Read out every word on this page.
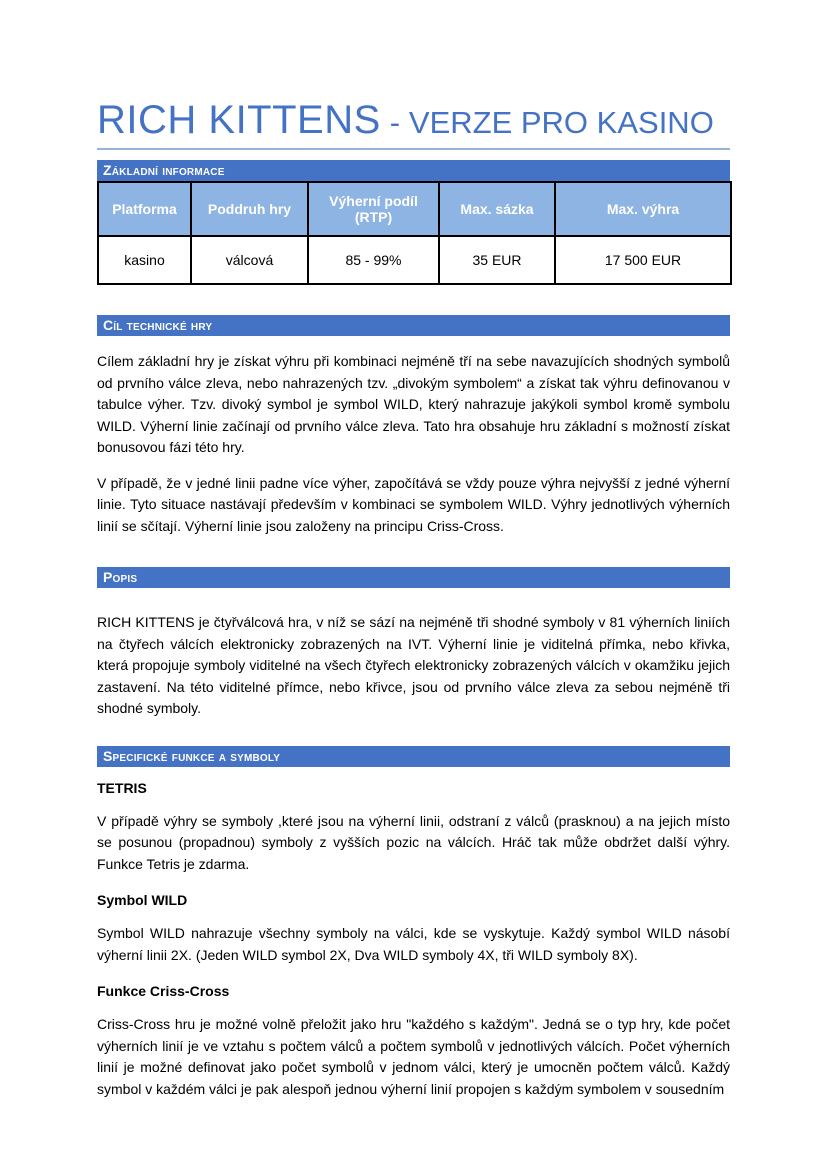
RICH KITTENS - VERZE PRO KASINO
Základní informace
Platforma	Poddruh hry	Výherní podíl (RTP)	Max. sázka	Max. výhra
kasino	válcová	85 - 99%	35 EUR	17 500 EUR
Cíl technické hry

Cílem základní hry je získat výhru při kombinaci nejméně tří na sebe navazujících shodných symbolů od prvního válce zleva, nebo nahrazených tzv. „divokým symbolem“ a získat tak výhru definovanou v tabulce výher. Tzv. divoký symbol je symbol WILD, který nahrazuje jakýkoli symbol kromě symbolu WILD. Výherní linie začínají od prvního válce zleva. Tato hra obsahuje hru základní s možností získat bonusovou fázi této hry.

V případě, že v jedné linii padne více výher, započítává se vždy pouze výhra nejvyšší z jedné výherní linie. Tyto situace nastávají především v kombinaci se symbolem WILD. Výhry jednotlivých výherních linií se sčítají. Výherní linie jsou založeny na principu Criss-Cross.

Popis

RICH KITTENS je čtyřválcová hra, v níž se sází na nejméně tři shodné symboly v 81 výherních liniích na čtyřech válcích elektronicky zobrazených na IVT. Výherní linie je viditelná přímka, nebo křivka, která propojuje symboly viditelné na všech čtyřech elektronicky zobrazených válcích v okamžiku jejich zastavení. Na této viditelné přímce, nebo křivce, jsou od prvního válce zleva za sebou nejméně tři shodné symboly.

Specifické funkce a symboly
TETRIS

V případě výhry se symboly ,které jsou na výherní linii, odstraní z válců (prasknou) a na jejich místo se posunou (propadnou) symboly z vyšších pozic na válcích. Hráč tak může obdržet další výhry. Funkce Tetris je zdarma.

Symbol WILD

Symbol WILD nahrazuje všechny symboly na válci, kde se vyskytuje. Každý symbol WILD násobí výherní linii 2X. (Jeden WILD symbol 2X, Dva WILD symboly 4X, tři WILD symboly 8X).

Funkce Criss-Cross

Criss-Cross hru je možné volně přeložit jako hru "každého s každým". Jedná se o typ hry, kde počet výherních linií je ve vztahu s počtem válců a počtem symbolů v jednotlivých válcích. Počet výherních linií je možné definovat jako počet symbolů v jednom válci, který je umocněn počtem válců. Každý symbol v každém válci je pak alespoň jednou výherní linií propojen s každým symbolem v sousedním
